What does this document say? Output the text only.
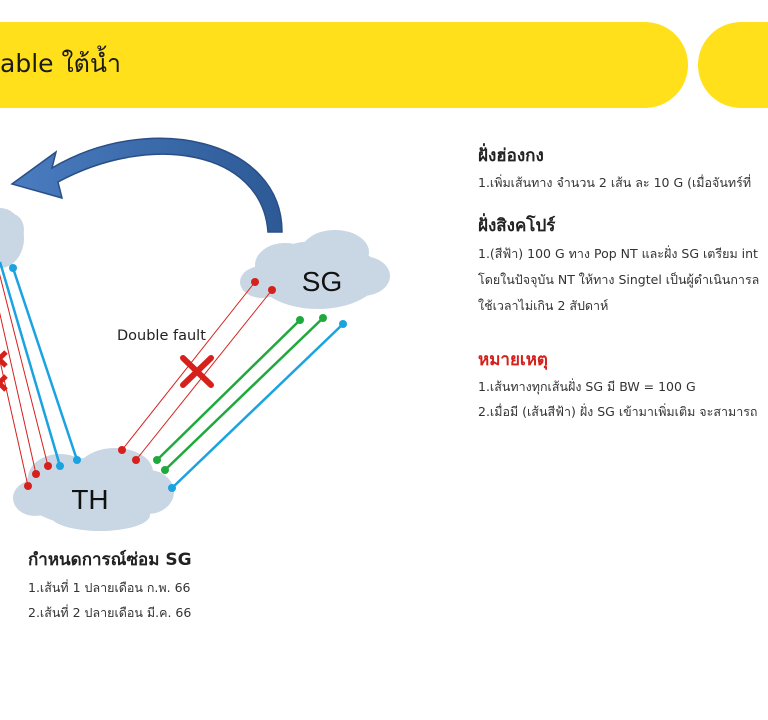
able ใต้น้ำ
SG
TH
Double fault
กำหนดการณ์ซ่อม SG
1.เส้นที่ 1 ปลายเดือน ก.พ. 66
2.เส้นที่ 2 ปลายเดือน มี.ค. 66
ฝั่งฮ่องกง
1.เพิ่มเส้นทาง จำนวน 2 เส้น ละ 10 G (เมื่อจันทร์ที่
ฝั่งสิงคโปร์
1.(สีฟ้า) 100 G ทาง Pop NT และฝั่ง SG เตรียม int
โดยในปัจจุบัน NT ให้ทาง Singtel เป็นผู้ดำเนินการล
ใช้เวลาไม่เกิน 2 สัปดาห์
หมายเหตุ
1.เส้นทางทุกเส้นฝั่ง SG มี BW = 100 G
2.เมื่อมี (เส้นสีฟ้า) ฝั่ง SG เข้ามาเพิ่มเติม จะสามารถ
